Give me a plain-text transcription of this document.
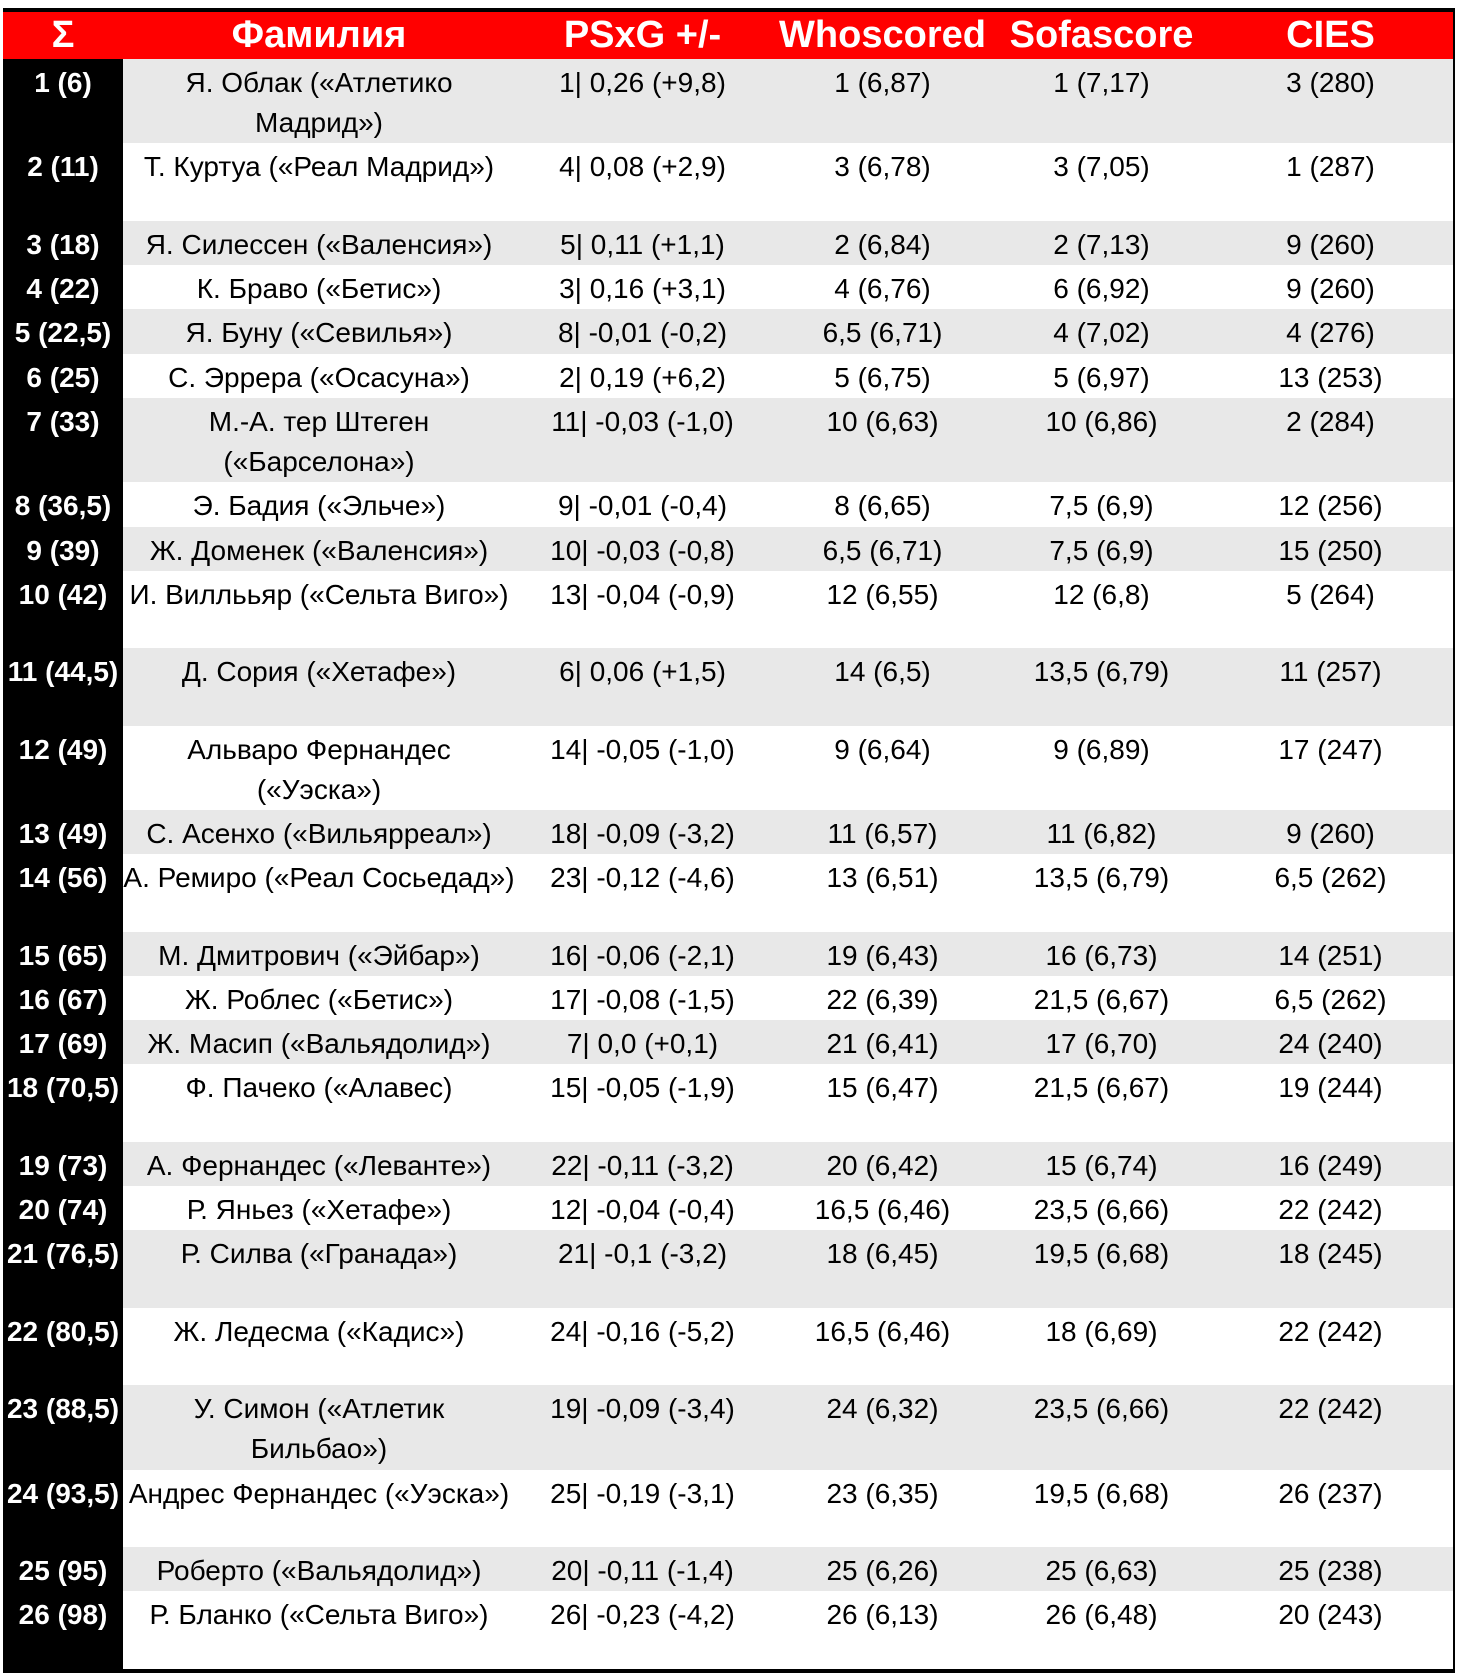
Σ	Фамилия	PSxG +/-	Whoscored	Sofascore	CIES
1 (6)	Я. Облак («Атлетико Мадрид»)	1| 0,26 (+9,8)	1 (6,87)	1 (7,17)	3 (280)
2 (11)	Т. Куртуа («Реал Мадрид»)	4| 0,08 (+2,9)	3 (6,78)	3 (7,05)	1 (287)
3 (18)	Я. Силессен («Валенсия»)	5| 0,11 (+1,1)	2 (6,84)	2 (7,13)	9 (260)
4 (22)	К. Браво («Бетис»)	3| 0,16 (+3,1)	4 (6,76)	6 (6,92)	9 (260)
5 (22,5)	Я. Буну («Севилья»)	8| -0,01 (-0,2)	6,5 (6,71)	4 (7,02)	4 (276)
6 (25)	С. Эррера («Осасуна»)	2| 0,19 (+6,2)	5 (6,75)	5 (6,97)	13 (253)
7 (33)	М.-А. тер Штеген («Барселона»)	11| -0,03 (-1,0)	10 (6,63)	10 (6,86)	2 (284)
8 (36,5)	Э. Бадия («Эльче»)	9| -0,01 (-0,4)	8 (6,65)	7,5 (6,9)	12 (256)
9 (39)	Ж. Доменек («Валенсия»)	10| -0,03 (-0,8)	6,5 (6,71)	7,5 (6,9)	15 (250)
10 (42)	И. Виллььяр («Сельта Виго»)	13| -0,04 (-0,9)	12 (6,55)	12 (6,8)	5 (264)
11 (44,5)	Д. Сория («Хетафе»)	6| 0,06 (+1,5)	14 (6,5)	13,5 (6,79)	11 (257)
12 (49)	Альваро Фернандес («Уэска»)	14| -0,05 (-1,0)	9 (6,64)	9 (6,89)	17 (247)
13 (49)	С. Асенхо («Вильярреал»)	18| -0,09 (-3,2)	11 (6,57)	11 (6,82)	9 (260)
14 (56)	А. Ремиро («Реал Сосьедад»)	23| -0,12 (-4,6)	13 (6,51)	13,5 (6,79)	6,5 (262)
15 (65)	М. Дмитрович («Эйбар»)	16| -0,06 (-2,1)	19 (6,43)	16 (6,73)	14 (251)
16 (67)	Ж. Роблес («Бетис»)	17| -0,08 (-1,5)	22 (6,39)	21,5 (6,67)	6,5 (262)
17 (69)	Ж. Масип («Вальядолид»)	7| 0,0 (+0,1)	21 (6,41)	17 (6,70)	24 (240)
18 (70,5)	Ф. Пачеко («Алавес)	15| -0,05 (-1,9)	15 (6,47)	21,5 (6,67)	19 (244)
19 (73)	А. Фернандес («Леванте»)	22| -0,11 (-3,2)	20 (6,42)	15 (6,74)	16 (249)
20 (74)	Р. Яньез («Хетафе»)	12| -0,04 (-0,4)	16,5 (6,46)	23,5 (6,66)	22 (242)
21 (76,5)	Р. Силва («Гранада»)	21| -0,1 (-3,2)	18 (6,45)	19,5 (6,68)	18 (245)
22 (80,5)	Ж. Ледесма («Кадис»)	24| -0,16 (-5,2)	16,5 (6,46)	18 (6,69)	22 (242)
23 (88,5)	У. Симон («Атлетик Бильбао»)	19| -0,09 (-3,4)	24 (6,32)	23,5 (6,66)	22 (242)
24 (93,5)	Андрес Фернандес («Уэска»)	25| -0,19 (-3,1)	23 (6,35)	19,5 (6,68)	26 (237)
25 (95)	Роберто («Вальядолид»)	20| -0,11 (-1,4)	25 (6,26)	25 (6,63)	25 (238)
26 (98)	Р. Бланко («Сельта Виго»)	26| -0,23 (-4,2)	26 (6,13)	26 (6,48)	20 (243)
